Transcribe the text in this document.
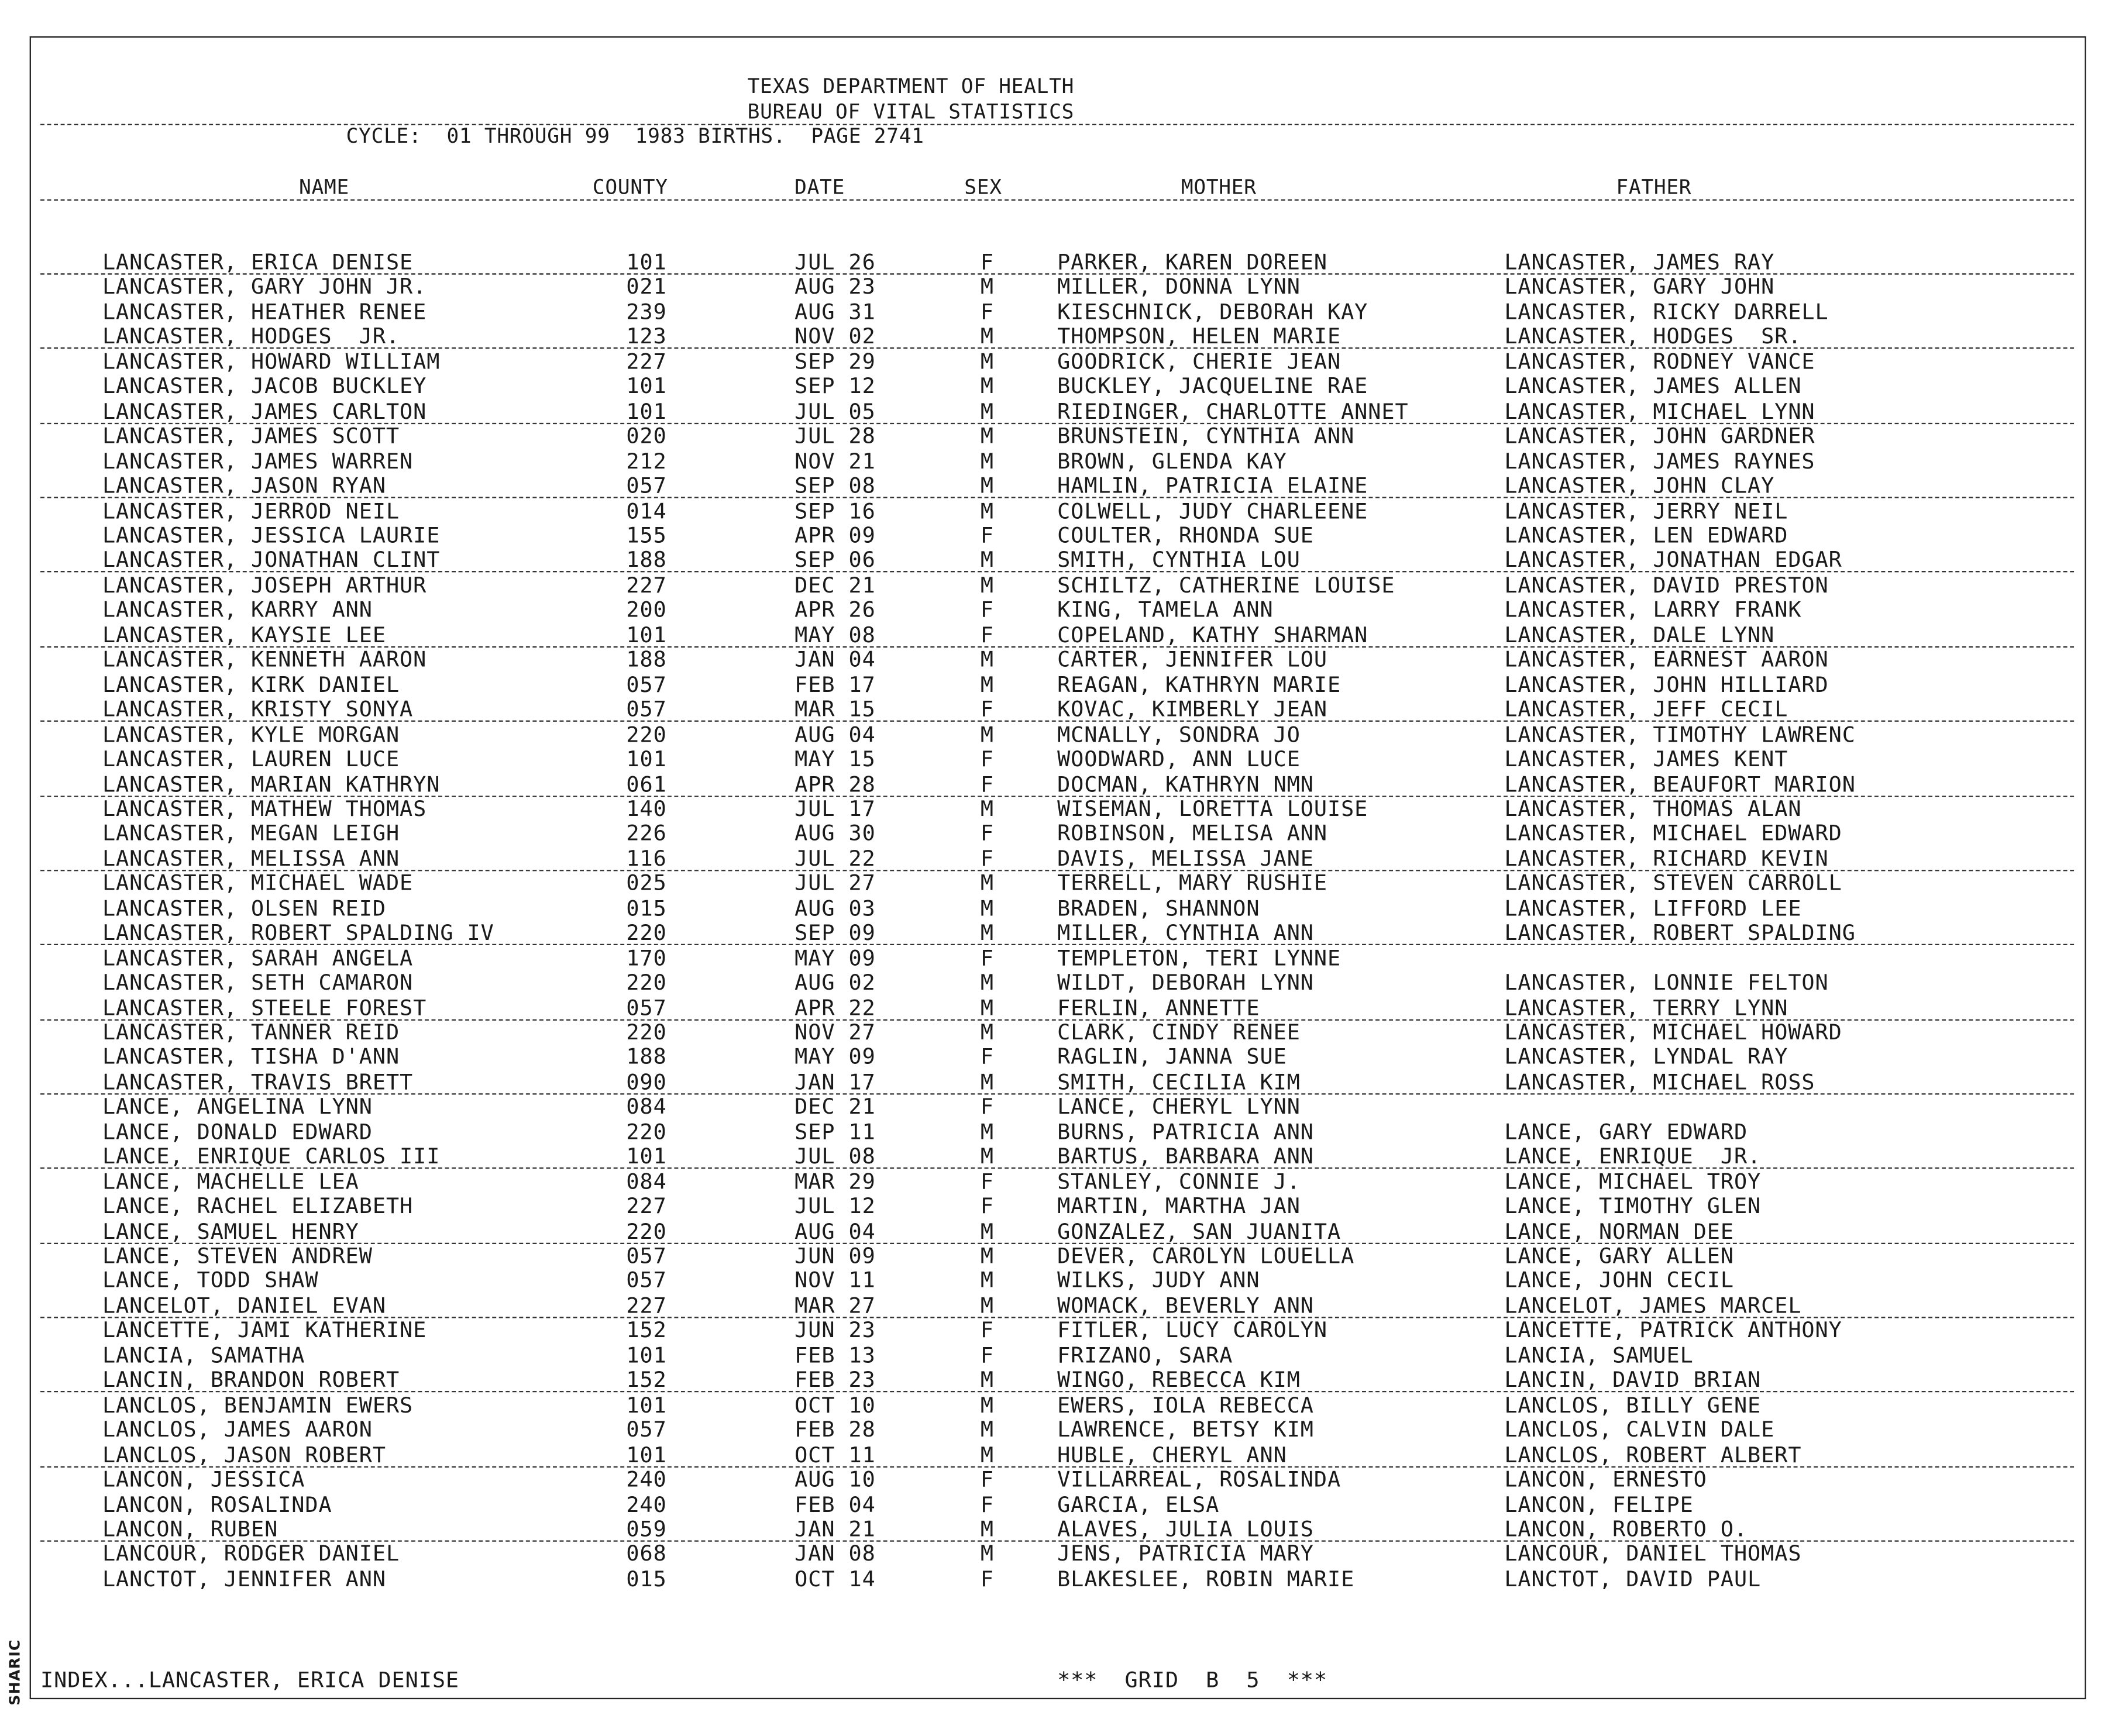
TEXAS DEPARTMENT OF HEALTH
BUREAU OF VITAL STATISTICS
CYCLE:  01 THROUGH 99  1983 BIRTHS.  PAGE 2741
NAME	COUNTY	DATE	SEX	MOTHER	FATHER
LANCASTER, ERICA DENISE	101	JUL 26	F	PARKER, KAREN DOREEN	LANCASTER, JAMES RAY
LANCASTER, GARY JOHN JR.	021	AUG 23	M	MILLER, DONNA LYNN	LANCASTER, GARY JOHN
LANCASTER, HEATHER RENEE	239	AUG 31	F	KIESCHNICK, DEBORAH KAY	LANCASTER, RICKY DARRELL
LANCASTER, HODGES  JR.	123	NOV 02	M	THOMPSON, HELEN MARIE	LANCASTER, HODGES  SR.
LANCASTER, HOWARD WILLIAM	227	SEP 29	M	GOODRICK, CHERIE JEAN	LANCASTER, RODNEY VANCE
LANCASTER, JACOB BUCKLEY	101	SEP 12	M	BUCKLEY, JACQUELINE RAE	LANCASTER, JAMES ALLEN
LANCASTER, JAMES CARLTON	101	JUL 05	M	RIEDINGER, CHARLOTTE ANNET	LANCASTER, MICHAEL LYNN
LANCASTER, JAMES SCOTT	020	JUL 28	M	BRUNSTEIN, CYNTHIA ANN	LANCASTER, JOHN GARDNER
LANCASTER, JAMES WARREN	212	NOV 21	M	BROWN, GLENDA KAY	LANCASTER, JAMES RAYNES
LANCASTER, JASON RYAN	057	SEP 08	M	HAMLIN, PATRICIA ELAINE	LANCASTER, JOHN CLAY
LANCASTER, JERROD NEIL	014	SEP 16	M	COLWELL, JUDY CHARLEENE	LANCASTER, JERRY NEIL
LANCASTER, JESSICA LAURIE	155	APR 09	F	COULTER, RHONDA SUE	LANCASTER, LEN EDWARD
LANCASTER, JONATHAN CLINT	188	SEP 06	M	SMITH, CYNTHIA LOU	LANCASTER, JONATHAN EDGAR
LANCASTER, JOSEPH ARTHUR	227	DEC 21	M	SCHILTZ, CATHERINE LOUISE	LANCASTER, DAVID PRESTON
LANCASTER, KARRY ANN	200	APR 26	F	KING, TAMELA ANN	LANCASTER, LARRY FRANK
LANCASTER, KAYSIE LEE	101	MAY 08	F	COPELAND, KATHY SHARMAN	LANCASTER, DALE LYNN
LANCASTER, KENNETH AARON	188	JAN 04	M	CARTER, JENNIFER LOU	LANCASTER, EARNEST AARON
LANCASTER, KIRK DANIEL	057	FEB 17	M	REAGAN, KATHRYN MARIE	LANCASTER, JOHN HILLIARD
LANCASTER, KRISTY SONYA	057	MAR 15	F	KOVAC, KIMBERLY JEAN	LANCASTER, JEFF CECIL
LANCASTER, KYLE MORGAN	220	AUG 04	M	MCNALLY, SONDRA JO	LANCASTER, TIMOTHY LAWRENC
LANCASTER, LAUREN LUCE	101	MAY 15	F	WOODWARD, ANN LUCE	LANCASTER, JAMES KENT
LANCASTER, MARIAN KATHRYN	061	APR 28	F	DOCMAN, KATHRYN NMN	LANCASTER, BEAUFORT MARION
LANCASTER, MATHEW THOMAS	140	JUL 17	M	WISEMAN, LORETTA LOUISE	LANCASTER, THOMAS ALAN
LANCASTER, MEGAN LEIGH	226	AUG 30	F	ROBINSON, MELISA ANN	LANCASTER, MICHAEL EDWARD
LANCASTER, MELISSA ANN	116	JUL 22	F	DAVIS, MELISSA JANE	LANCASTER, RICHARD KEVIN
LANCASTER, MICHAEL WADE	025	JUL 27	M	TERRELL, MARY RUSHIE	LANCASTER, STEVEN CARROLL
LANCASTER, OLSEN REID	015	AUG 03	M	BRADEN, SHANNON	LANCASTER, LIFFORD LEE
LANCASTER, ROBERT SPALDING IV	220	SEP 09	M	MILLER, CYNTHIA ANN	LANCASTER, ROBERT SPALDING
LANCASTER, SARAH ANGELA	170	MAY 09	F	TEMPLETON, TERI LYNNE
LANCASTER, SETH CAMARON	220	AUG 02	M	WILDT, DEBORAH LYNN	LANCASTER, LONNIE FELTON
LANCASTER, STEELE FOREST	057	APR 22	M	FERLIN, ANNETTE	LANCASTER, TERRY LYNN
LANCASTER, TANNER REID	220	NOV 27	M	CLARK, CINDY RENEE	LANCASTER, MICHAEL HOWARD
LANCASTER, TISHA D'ANN	188	MAY 09	F	RAGLIN, JANNA SUE	LANCASTER, LYNDAL RAY
LANCASTER, TRAVIS BRETT	090	JAN 17	M	SMITH, CECILIA KIM	LANCASTER, MICHAEL ROSS
LANCE, ANGELINA LYNN	084	DEC 21	F	LANCE, CHERYL LYNN
LANCE, DONALD EDWARD	220	SEP 11	M	BURNS, PATRICIA ANN	LANCE, GARY EDWARD
LANCE, ENRIQUE CARLOS III	101	JUL 08	M	BARTUS, BARBARA ANN	LANCE, ENRIQUE  JR.
LANCE, MACHELLE LEA	084	MAR 29	F	STANLEY, CONNIE J.	LANCE, MICHAEL TROY
LANCE, RACHEL ELIZABETH	227	JUL 12	F	MARTIN, MARTHA JAN	LANCE, TIMOTHY GLEN
LANCE, SAMUEL HENRY	220	AUG 04	M	GONZALEZ, SAN JUANITA	LANCE, NORMAN DEE
LANCE, STEVEN ANDREW	057	JUN 09	M	DEVER, CAROLYN LOUELLA	LANCE, GARY ALLEN
LANCE, TODD SHAW	057	NOV 11	M	WILKS, JUDY ANN	LANCE, JOHN CECIL
LANCELOT, DANIEL EVAN	227	MAR 27	M	WOMACK, BEVERLY ANN	LANCELOT, JAMES MARCEL
LANCETTE, JAMI KATHERINE	152	JUN 23	F	FITLER, LUCY CAROLYN	LANCETTE, PATRICK ANTHONY
LANCIA, SAMATHA	101	FEB 13	F	FRIZANO, SARA	LANCIA, SAMUEL
LANCIN, BRANDON ROBERT	152	FEB 23	M	WINGO, REBECCA KIM	LANCIN, DAVID BRIAN
LANCLOS, BENJAMIN EWERS	101	OCT 10	M	EWERS, IOLA REBECCA	LANCLOS, BILLY GENE
LANCLOS, JAMES AARON	057	FEB 28	M	LAWRENCE, BETSY KIM	LANCLOS, CALVIN DALE
LANCLOS, JASON ROBERT	101	OCT 11	M	HUBLE, CHERYL ANN	LANCLOS, ROBERT ALBERT
LANCON, JESSICA	240	AUG 10	F	VILLARREAL, ROSALINDA	LANCON, ERNESTO
LANCON, ROSALINDA	240	FEB 04	F	GARCIA, ELSA	LANCON, FELIPE
LANCON, RUBEN	059	JAN 21	M	ALAVES, JULIA LOUIS	LANCON, ROBERTO O.
LANCOUR, RODGER DANIEL	068	JAN 08	M	JENS, PATRICIA MARY	LANCOUR, DANIEL THOMAS
LANCTOT, JENNIFER ANN	015	OCT 14	F	BLAKESLEE, ROBIN MARIE	LANCTOT, DAVID PAUL
INDEX...LANCASTER, ERICA DENISE	***  GRID  B  5  ***
SHARIC
